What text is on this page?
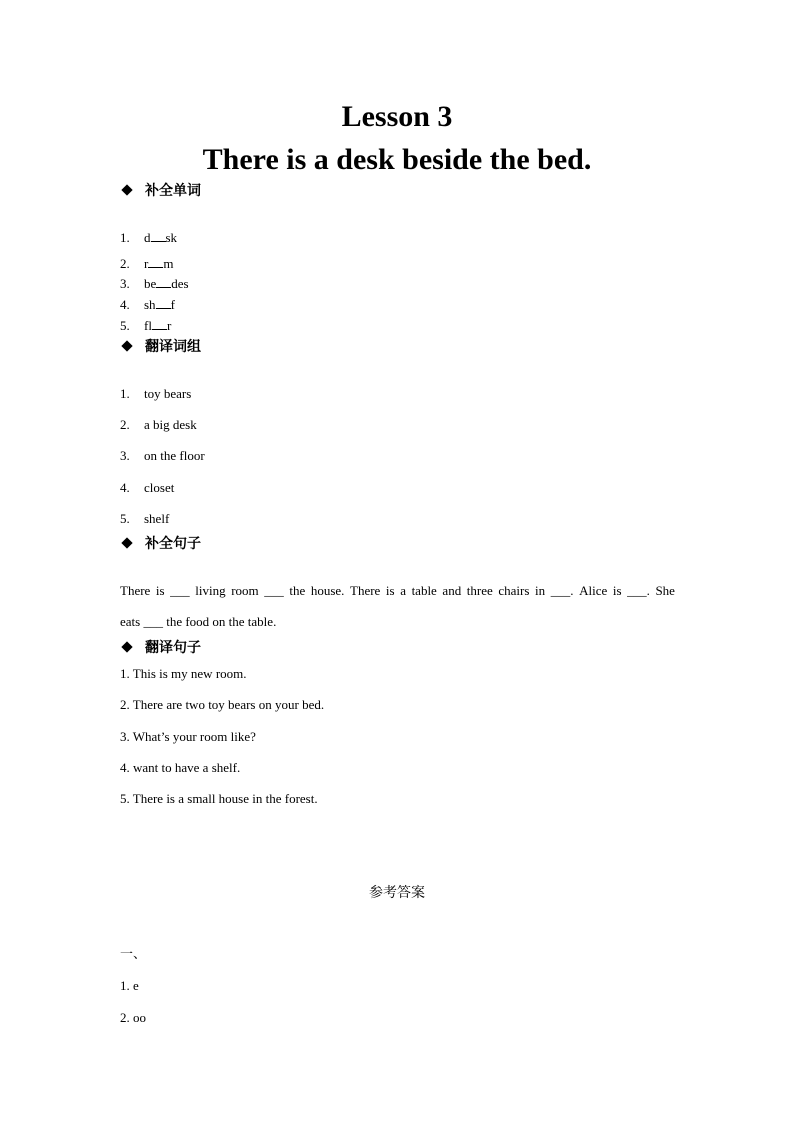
Lesson 3
There is a desk beside the bed.
补全单词
1. d sk
2. r m
3. be des
4. sh f
5. fl r
翻译词组
1. toy bears
2. a big desk
3. on the floor
4. closet
5. shelf
补全句子
There is ___ living room ___ the house. There is a table and three chairs in ___. Alice is ___. She
eats ___ the food on the table.
翻译句子
1. This is my new room.
2. There are two toy bears on your bed.
3. What’s your room like?
4. want to have a shelf.
5. There is a small house in the forest.
参考答案
一、
1. e
2. oo
